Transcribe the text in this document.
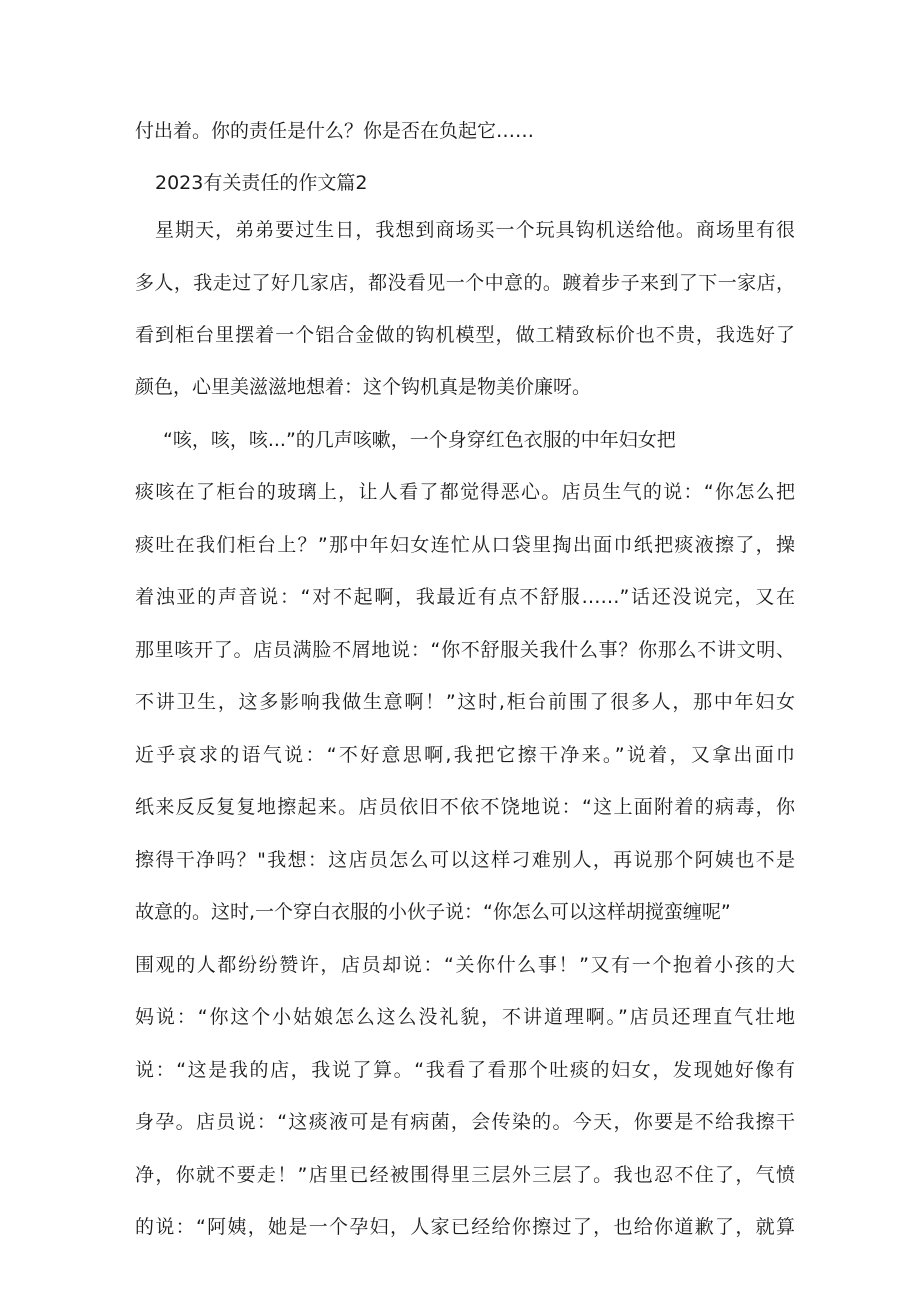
付出着。你的责任是什么？你是否在负起它……
2023有关责任的作文篇2
星期天，弟弟要过生日，我想到商场买一个玩具钩机送给他。商场里有很
多人，我走过了好几家店，都没看见一个中意的。踱着步子来到了下一家店，
看到柜台里摆着一个铝合金做的钩机模型，做工精致标价也不贵，我选好了
颜色，心里美滋滋地想着：这个钩机真是物美价廉呀。
“咳，咳，咳...”的几声咳嗽，一个身穿红色衣服的中年妇女把
痰咳在了柜台的玻璃上，让人看了都觉得恶心。店员生气的说：“你怎么把
痰吐在我们柜台上？”那中年妇女连忙从口袋里掏出面巾纸把痰液擦了，操
着浊亚的声音说：“对不起啊，我最近有点不舒服……”话还没说完，又在
那里咳开了。店员满脸不屑地说：“你不舒服关我什么事？你那么不讲文明、
不讲卫生，这多影响我做生意啊！”这时,柜台前围了很多人，那中年妇女
近乎哀求的语气说：“不好意思啊,我把它擦干净来。”说着，又拿出面巾
纸来反反复复地擦起来。店员依旧不依不饶地说：“这上面附着的病毒，你
擦得干净吗？"我想：这店员怎么可以这样刁难别人，再说那个阿姨也不是
故意的。这时,一个穿白衣服的小伙子说：“你怎么可以这样胡搅蛮缠呢”
围观的人都纷纷赞许，店员却说：“关你什么事！”又有一个抱着小孩的大
妈说：“你这个小姑娘怎么这么没礼貌，不讲道理啊。”店员还理直气壮地
说：“这是我的店，我说了算。“我看了看那个吐痰的妇女，发现她好像有
身孕。店员说：“这痰液可是有病菌，会传染的。今天，你要是不给我擦干
净，你就不要走！”店里已经被围得里三层外三层了。我也忍不住了，气愤
的说：“阿姨，她是一个孕妇，人家已经给你擦过了，也给你道歉了，就算
